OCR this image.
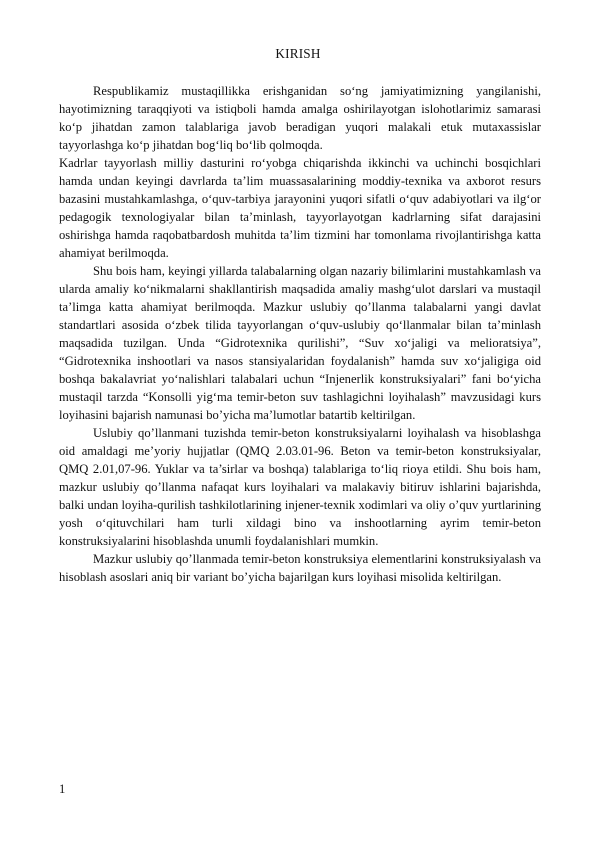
KIRISH

Respublikamiz mustaqillikka erishganidan so‘ng jamiyatimizning yangilanishi, hayotimizning taraqqiyoti va istiqboli hamda amalga oshirilayotgan islohotlarimiz samarasi ko‘p jihatdan zamon talablariga javob beradigan yuqori malakali etuk mutaxassislar tayyorlashga ko‘p jihatdan bog‘liq bo‘lib qolmoqda.

Kadrlar tayyorlash milliy dasturini ro‘yobga chiqarishda ikkinchi va uchinchi bosqichlari hamda undan keyingi davrlarda ta’lim muassasalarining moddiy-texnika va axborot resurs bazasini mustahkamlashga, o‘quv-tarbiya jarayonini yuqori sifatli o‘quv adabiyotlari va ilg‘or pedagogik texnologiyalar bilan ta’minlash, tayyorlayotgan kadrlarning sifat darajasini oshirishga hamda raqobatbardosh muhitda ta’lim tizmini har tomonlama rivojlantirishga katta ahamiyat berilmoqda.

Shu bois ham, keyingi yillarda talabalarning olgan nazariy bilimlarini mustahkamlash va ularda amaliy ko‘nikmalarni shakllantirish maqsadida amaliy mashg‘ulot darslari va mustaqil ta’limga katta ahamiyat berilmoqda. Mazkur uslubiy qo’llanma talabalarni yangi davlat standartlari asosida o‘zbek tilida tayyorlangan o‘quv-uslubiy qo‘llanmalar bilan ta’minlash maqsadida tuzilgan. Unda “Gidrotexnika qurilishi”, “Suv xo‘jaligi va melioratsiya”, “Gidrotexnika inshootlari va nasos stansiyalaridan foydalanish” hamda suv xo‘jaligiga oid boshqa bakalavriat yo‘nalishlari talabalari uchun “Injenerlik konstruksiyalari” fani bo‘yicha mustaqil tarzda “Konsolli yig‘ma temir-beton suv tashlagichni loyihalash” mavzusidagi kurs loyihasini bajarish namunasi bo’yicha ma’lumotlar batartib keltirilgan.

Uslubiy qo’llanmani tuzishda temir-beton konstruksiyalarni loyihalash va hisoblashga oid amaldagi me’yoriy hujjatlar (QMQ 2.03.01-96. Beton va temir-beton konstruksiyalar, QMQ 2.01,07-96. Yuklar va ta’sirlar va boshqa) talablariga to‘liq rioya etildi. Shu bois ham, mazkur uslubiy qo’llanma nafaqat kurs loyihalari va malakaviy bitiruv ishlarini bajarishda, balki undan loyiha-qurilish tashkilotlarining injener-texnik xodimlari va oliy o’quv yurtlarining yosh o‘qituvchilari ham turli xildagi bino va inshootlarning ayrim temir-beton konstruksiyalarini hisoblashda unumli foydalanishlari mumkin.

Mazkur uslubiy qo’llanmada temir-beton konstruksiya elementlarini konstruksiyalash va hisoblash asoslari aniq bir variant bo’yicha bajarilgan kurs loyihasi misolida keltirilgan.

1
